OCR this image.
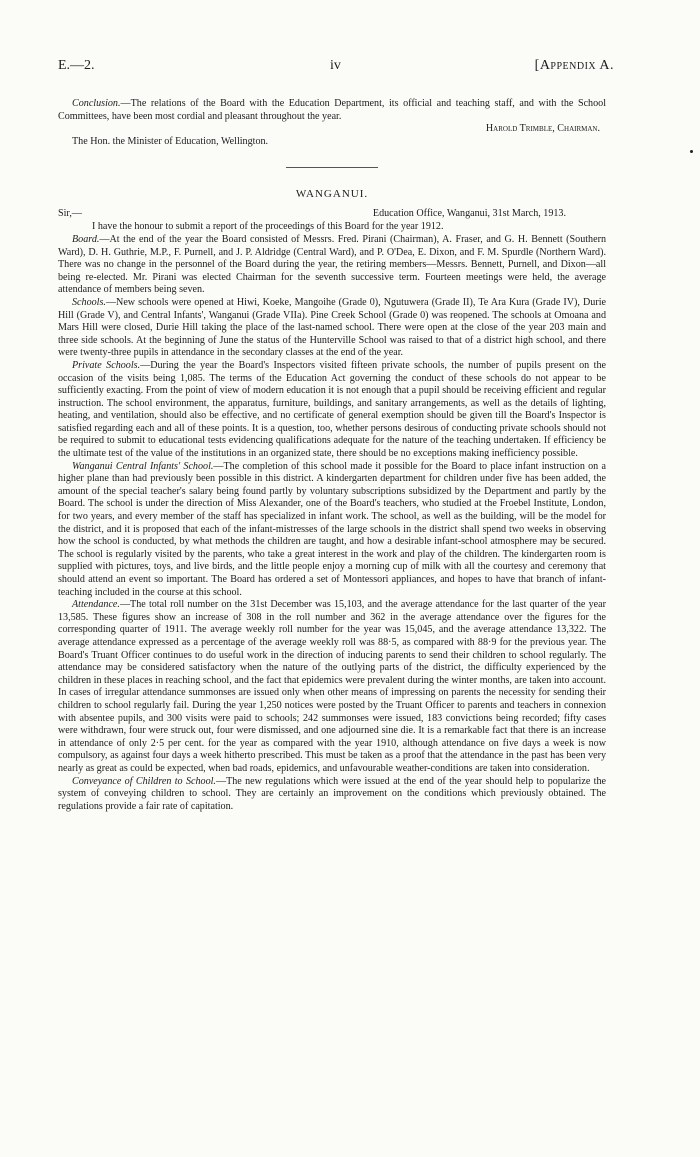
E.—2.	iv	[Appendix A.

Conclusion.—The relations of the Board with the Education Department, its official and teaching staff, and with the School Committees, have been most cordial and pleasant throughout the year.

Harold Trimble, Chairman.

The Hon. the Minister of Education, Wellington.

WANGANUI.
Sir,—	Education Office, Wanganui, 31st March, 1913.

I have the honour to submit a report of the proceedings of this Board for the year 1912.

Board.—At the end of the year the Board consisted of Messrs. Fred. Pirani (Chairman), A. Fraser, and G. H. Bennett (Southern Ward), D. H. Guthrie, M.P., F. Purnell, and J. P. Aldridge (Central Ward), and P. O'Dea, E. Dixon, and F. M. Spurdle (Northern Ward). There was no change in the personnel of the Board during the year, the retiring members—Messrs. Bennett, Purnell, and Dixon—all being re-elected. Mr. Pirani was elected Chairman for the seventh successive term. Fourteen meetings were held, the average attendance of members being seven.

Schools.—New schools were opened at Hiwi, Koeke, Mangoihe (Grade 0), Ngutuwera (Grade II), Te Ara Kura (Grade IV), Durie Hill (Grade V), and Central Infants', Wanganui (Grade VIIa). Pine Creek School (Grade 0) was reopened. The schools at Omoana and Mars Hill were closed, Durie Hill taking the place of the last-named school. There were open at the close of the year 203 main and three side schools. At the beginning of June the status of the Hunterville School was raised to that of a district high school, and there were twenty-three pupils in attendance in the secondary classes at the end of the year.

Private Schools.—During the year the Board's Inspectors visited fifteen private schools, the number of pupils present on the occasion of the visits being 1,085. The terms of the Education Act governing the conduct of these schools do not appear to be sufficiently exacting. From the point of view of modern education it is not enough that a pupil should be receiving efficient and regular instruction. The school environment, the apparatus, furniture, buildings, and sanitary arrangements, as well as the details of lighting, heating, and ventilation, should also be effective, and no certificate of general exemption should be given till the Board's Inspector is satisfied regarding each and all of these points. It is a question, too, whether persons desirous of conducting private schools should not be required to submit to educational tests evidencing qualifications adequate for the nature of the teaching undertaken. If efficiency be the ultimate test of the value of the institutions in an organized state, there should be no exceptions making inefficiency possible.

Wanganui Central Infants' School.—The completion of this school made it possible for the Board to place infant instruction on a higher plane than had previously been possible in this district. A kindergarten department for children under five has been added, the amount of the special teacher's salary being found partly by voluntary subscriptions subsidized by the Department and partly by the Board. The school is under the direction of Miss Alexander, one of the Board's teachers, who studied at the Froebel Institute, London, for two years, and every member of the staff has specialized in infant work. The school, as well as the building, will be the model for the district, and it is proposed that each of the infant-mistresses of the large schools in the district shall spend two weeks in observing how the school is conducted, by what methods the children are taught, and how a desirable infant-school atmosphere may be secured. The school is regularly visited by the parents, who take a great interest in the work and play of the children. The kindergarten room is supplied with pictures, toys, and live birds, and the little people enjoy a morning cup of milk with all the courtesy and ceremony that should attend an event so important. The Board has ordered a set of Montessori appliances, and hopes to have that branch of infant-teaching included in the course at this school.

Attendance.—The total roll number on the 31st December was 15,103, and the average attendance for the last quarter of the year 13,585. These figures show an increase of 308 in the roll number and 362 in the average attendance over the figures for the corresponding quarter of 1911. The average weekly roll number for the year was 15,045, and the average attendance 13,322. The average attendance expressed as a percentage of the average weekly roll was 88·5, as compared with 88·9 for the previous year. The Board's Truant Officer continues to do useful work in the direction of inducing parents to send their children to school regularly. The attendance may be considered satisfactory when the nature of the outlying parts of the district, the difficulty experienced by the children in these places in reaching school, and the fact that epidemics were prevalent during the winter months, are taken into account. In cases of irregular attendance summonses are issued only when other means of impressing on parents the necessity for sending their children to school regularly fail. During the year 1,250 notices were posted by the Truant Officer to parents and teachers in connexion with absentee pupils, and 300 visits were paid to schools; 242 summonses were issued, 183 convictions being recorded; fifty cases were withdrawn, four were struck out, four were dismissed, and one adjourned sine die. It is a remarkable fact that there is an increase in attendance of only 2·5 per cent. for the year as compared with the year 1910, although attendance on five days a week is now compulsory, as against four days a week hitherto prescribed. This must be taken as a proof that the attendance in the past has been very nearly as great as could be expected, when bad roads, epidemics, and unfavourable weather-conditions are taken into consideration.

Conveyance of Children to School.—The new regulations which were issued at the end of the year should help to popularize the system of conveying children to school. They are certainly an improvement on the conditions which previously obtained. The regulations provide a fair rate of capitation.
